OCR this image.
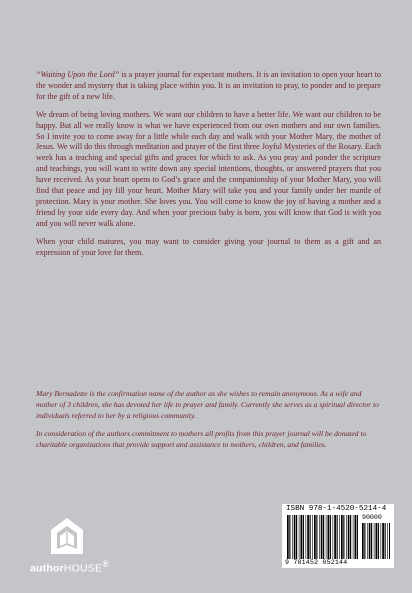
“Waiting Upon the Lord” is a prayer journal for expectant mothers. It is an invitation to open your heart to the wonder and mystery that is taking place within you. It is an invitation to pray, to ponder and to prepare for the gift of a new life.

We dream of being loving mothers. We want our children to have a better life. We want our children to be happy. But all we really know is what we have experienced from our own mothers and our own families. So I invite you to come away for a little while each day and walk with your Mother Mary, the mother of Jesus. We will do this through meditation and prayer of the first three Joyful Mysteries of the Rosary. Each week has a teaching and special gifts and graces for which to ask. As you pray and ponder the scripture and teachings, you will want to write down any special intentions, thoughts, or answered prayers that you have received. As your heart opens to God’s grace and the companionship of your Mother Mary, you will find that peace and joy fill your heart. Mother Mary will take you and your family under her mantle of protection. Mary is your mother. She loves you. You will come to know the joy of having a mother and a friend by your side every day. And when your precious baby is born, you will know that God is with you and you will never walk alone.

When your child matures, you may want to consider giving your journal to them as a gift and an expression of your love for them.

Mary Bernadette is the confirmation name of the author as she wishes to remain anonymous. As a wife and mother of 3 children, she has devoted her life to prayer and family. Currently she serves as a spiritual director to individuals referred to her by a religious community.

In consideration of the authors commitment to mothers all profits from this prayer journal will be donated to charitable organizations that provide support and assistance to mothers, children, and families.

authorHOUSE®
ISBN 978-1-4520-5214-4
90000
9 781452 052144
